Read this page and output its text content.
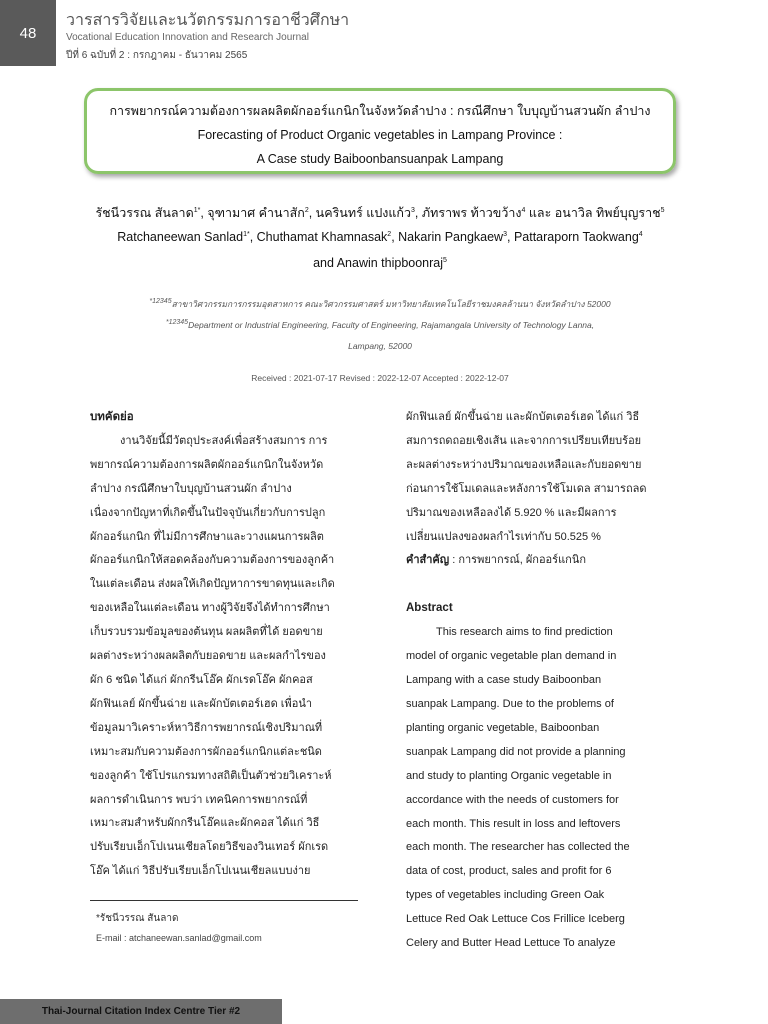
48
วารสารวิจัยและนวัตกรรมการอาชีวศึกษา
Vocational Education Innovation and Research Journal
ปีที่ 6 ฉบับที่ 2 : กรกฎาคม - ธันวาคม 2565
การพยากรณ์ความต้องการผลผลิตผักออร์แกนิกในจังหวัดลำปาง : กรณีศึกษา ใบบุญบ้านสวนผัก ลำปาง
Forecasting of Product Organic vegetables in Lampang Province :
A Case study Baiboonbansuanpak Lampang
รัชนีวรรณ สันลาด$^{1*}$, จุฑามาศ คำนาสัก$^2$, นครินทร์ แปงแก้ว$^3$, ภัทราพร ท้าวขว้าง$^4$ และ อนาวิล ทิพย์บุญราช$^5$
Ratchaneewan Sanlad$^{1*}$, Chuthamat Khamnasak$^2$, Nakarin Pangkaew$^3$, Pattaraporn Taokwang$^4$
and Anawin thipboonraj$^5$
$^{*12345}$สาขาวิศวกรรมการกรรมอุตสาหการ คณะวิศวกรรมศาสตร์ มหาวิทยาลัยเทคโนโลยีราชมงคลล้านนา จังหวัดลำปาง 52000
$^{*12345}$Department or Industrial Engineering, Faculty of Engineering, Rajamangala University of Technology Lanna,
Lampang, 52000
Received : 2021-07-17 Revised : 2022-12-07 Accepted : 2022-12-07
บทคัดย่อ
งานวิจัยนี้มีวัตถุประสงค์เพื่อสร้างสมการ การ
พยากรณ์ความต้องการผลิตผักออร์แกนิกในจังหวัด
ลำปาง กรณีศึกษาใบบุญบ้านสวนผัก ลำปาง
เนื่องจากปัญหาที่เกิดขึ้นในปัจจุบันเกี่ยวกับการปลูก
ผักออร์แกนิก ที่ไม่มีการศึกษาและวางแผนการผลิต
ผักออร์แกนิกให้สอดคล้องกับความต้องการของลูกค้า
ในแต่ละเดือน ส่งผลให้เกิดปัญหาการขาดทุนและเกิด
ของเหลือในแต่ละเดือน ทางผู้วิจัยจึงได้ทำการศึกษา
เก็บรวบรวมข้อมูลของต้นทุน ผลผลิตที่ได้ ยอดขาย
ผลต่างระหว่างผลผลิตกับยอดขาย และผลกำไรของ
ผัก 6 ชนิด ได้แก่ ผักกรีนโอ๊ค ผักเรดโอ๊ค ผักคอส
ผักฟินเลย์ ผักขึ้นฉ่าย และผักบัตเตอร์เฮด เพื่อนำ
ข้อมูลมาวิเคราะห์หาวิธีการพยากรณ์เชิงปริมาณที่
เหมาะสมกับความต้องการผักออร์แกนิกแต่ละชนิด
ของลูกค้า ใช้โปรแกรมทางสถิติเป็นตัวช่วยวิเคราะห์
ผลการดำเนินการ พบว่า เทคนิคการพยากรณ์ที่
เหมาะสมสำหรับผักกรีนโอ๊คและผักคอส ได้แก่ วิธี
ปรับเรียบเอ็กโปเนนเชียลโดยวิธีของวินเทอร์ ผักเรด
โอ๊ค ได้แก่ วิธีปรับเรียบเอ็กโปเนนเชียลแบบง่าย
ผักฟินเลย์ ผักขึ้นฉ่าย และผักบัตเตอร์เฮด ได้แก่ วิธี
สมการถดถอยเชิงเส้น และจากการเปรียบเทียบร้อย
ละผลต่างระหว่างปริมาณของเหลือและกับยอดขาย
ก่อนการใช้โมเดลและหลังการใช้โมเดล สามารถลด
ปริมาณของเหลือลงได้ 5.920 % และมีผลการ
เปลี่ยนแปลงของผลกำไรเท่ากับ 50.525 %
คำสำคัญ : การพยากรณ์, ผักออร์แกนิก
Abstract
This research aims to find prediction
model of organic vegetable plan demand in
Lampang with a case study Baiboonban
suanpak Lampang. Due to the problems of
planting organic vegetable, Baiboonban
suanpak Lampang did not provide a planning
and study to planting Organic vegetable in
accordance with the needs of customers for
each month. This result in loss and leftovers
each month. The researcher has collected the
data of cost, product, sales and profit for 6
types of vegetables including Green Oak
Lettuce Red Oak Lettuce Cos Frillice Iceberg
Celery and Butter Head Lettuce To analyze
*รัชนีวรรณ สันลาด
E-mail : atchaneewan.sanlad@gmail.com
Thai-Journal Citation Index Centre Tier #2
